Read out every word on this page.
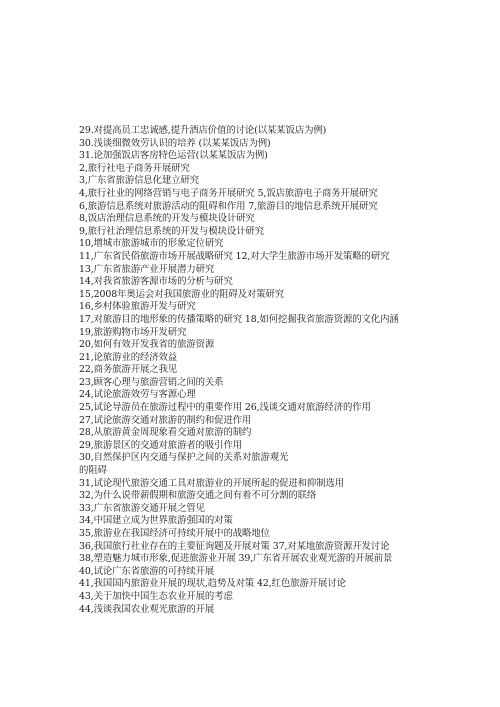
29.对提高员工忠诚感,提升酒店价值的讨论(以某某饭店为例)
30.浅谈细微效劳认识的培养 (以某某饭店为例)
31.论加强饭店客房特色运营(以某某饭店为例)
2,旅行社电子商务开展研究
3,广东省旅游信息化建立研究
4,旅行社业的网络营销与电子商务开展研究 5,饭店旅游电子商务开展研究
6,旅游信息系统对旅游活动的阻碍和作用 7,旅游目的地信息系统开展研究
8,饭店治理信息系统的开发与模块设计研究
9,旅行社治理信息系统的开发与模块设计研究
10,增城市旅游城市的形象定位研究
11,广东省民俗旅游市场开展战略研究 12,对大学生旅游市场开发策略的研究
13,广东省旅游产业开展潜力研究
14,对我省旅游客源市场的分析与研究
15,2008年奥运会对我国旅游业的阻碍及对策研究
16,乡村体验旅游开发与研究
17,对旅游目的地形象的传播策略的研究 18,如何挖掘我省旅游资源的文化内涵
19,旅游购物市场开发研究
20,如何有效开发我省的旅游资源
21,论旅游业的经济效益
22,商务旅游开展之我见
23,顾客心理与旅游营销之间的关系
24,试论旅游效劳与客源心理
25,试论导游员在旅游过程中的重要作用 26,浅谈交通对旅游经济的作用
27,试论旅游交通对旅游的制约和促进作用
28,从旅游黄金周现象看交通对旅游的制约
29,旅游景区的交通对旅游者的吸引作用
30,自然保护区内交通与保护之间的关系对旅游观光
的阻碍
31,试论现代旅游交通工具对旅游业的开展所起的促进和抑制选用
32,为什么说带薪假期和旅游交通之间有着不可分割的联络
33,广东省旅游交通开展之管见
34,中国建立成为世界旅游强国的对策
35,旅游业在我国经济可持续开展中的战略地位
36,我国旅行社业存在的主要征询题及开展对策 37,对某地旅游资源开发讨论
38,塑造魅力城市形象,促进旅游业开展 39,广东省开展农业观光游的开展前景
40,试论广东省旅游的可持续开展
41,我国国内旅游业开展的现状,趋势及对策 42,红色旅游开展讨论
43,关于加快中国生态农业开展的考虑
44,浅谈我国农业观光旅游的开展
